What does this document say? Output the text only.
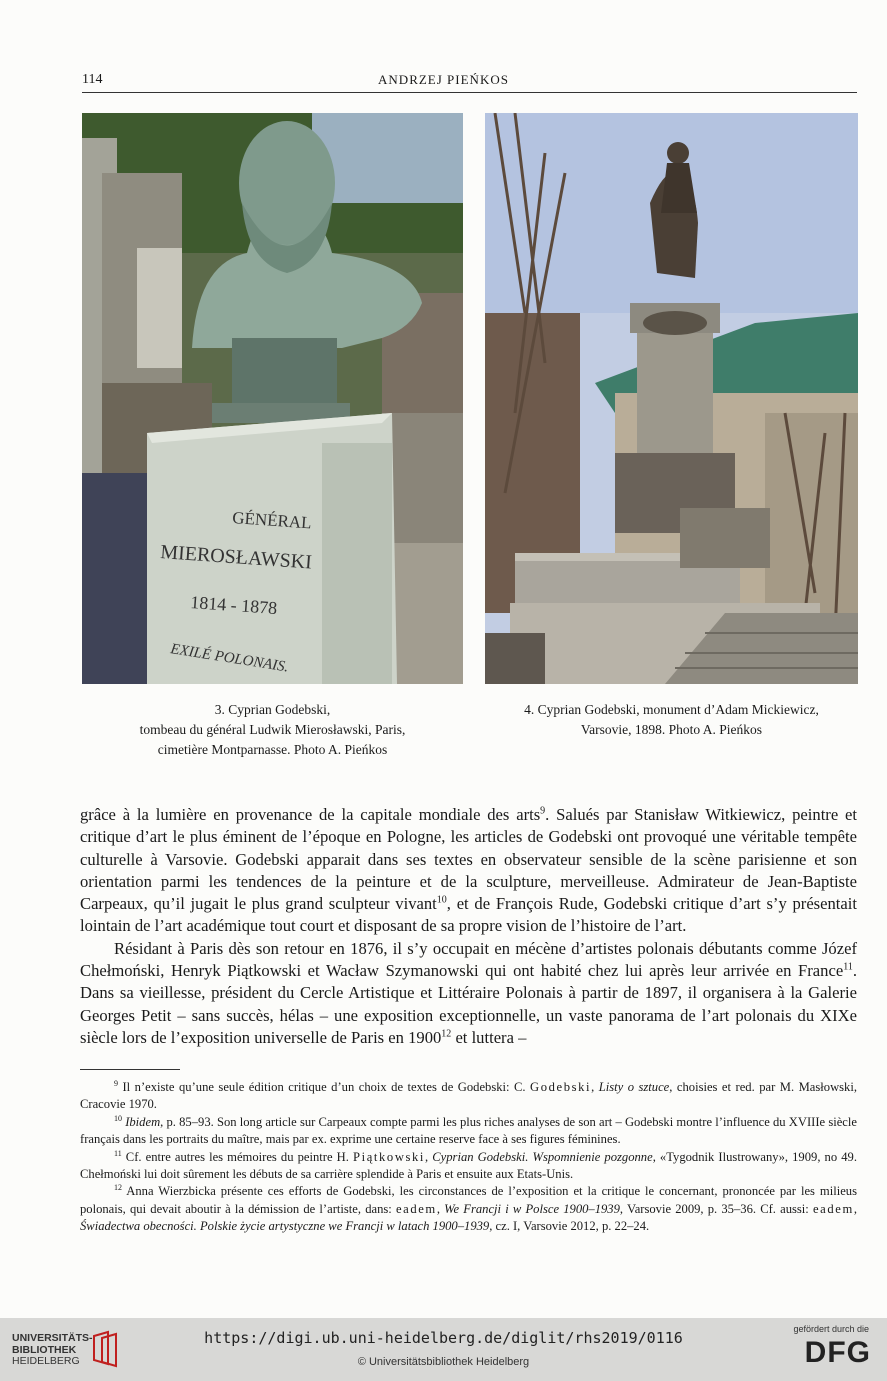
114	ANDRZEJ PIEŃKOS
GÉNÉRAL
MIEROSŁAWSKI
1814 - 1878
EXILÉ POLONAIS.
3. Cyprian Godebski,
tombeau du général Ludwik Mierosławski, Paris,
cimetière Montparnasse. Photo A. Pieńkos
4. Cyprian Godebski, monument d’Adam Mickiewicz,
Varsovie, 1898. Photo A. Pieńkos

grâce à la lumière en provenance de la capitale mondiale des arts$^9$. Salués par Stanisław Witkiewicz, peintre et critique d’art le plus éminent de l’époque en Pologne, les articles de Godebski ont provoqué une véritable tempête culturelle à Varsovie. Godebski apparait dans ses textes en observateur sensible de la scène parisienne et son orientation parmi les tendences de la peinture et de la sculpture, merveilleuse. Admirateur de Jean-Baptiste Carpeaux, qu’il jugait le plus grand sculpteur vivant$^{10}$, et de François Rude, Godebski critique d’art s’y présentait lointain de l’art académique tout court et disposant de sa propre vision de l’histoire de l’art.

Résidant à Paris dès son retour en 1876, il s’y occupait en mécène d’artistes polonais débutants comme Józef Chełmoński, Henryk Piątkowski et Wacław Szymanowski qui ont habité chez lui après leur arrivée en France$^{11}$. Dans sa vieillesse, président du Cercle Artistique et Littéraire Polonais à partir de 1897, il organisera à la Galerie Georges Petit – sans succès, hélas – une exposition exceptionnelle, un vaste panorama de l’art polonais du XIXe siècle lors de l’exposition universelle de Paris en 1900$^{12}$ et luttera –

$^9$ Il n’existe qu’une seule édition critique d’un choix de textes de Godebski: C. Godebski, Listy o sztuce, choisies et red. par M. Masłowski, Cracovie 1970.

$^{10}$ Ibidem, p. 85–93. Son long article sur Carpeaux compte parmi les plus riches analyses de son art – Godebski montre l’influence du XVIIIe siècle français dans les portraits du maître, mais par ex. exprime une certaine reserve face à ses figures féminines.

$^{11}$ Cf. entre autres les mémoires du peintre H. Piątkowski, Cyprian Godebski. Wspomnienie pozgonne, «Tygodnik Ilustrowany», 1909, no 49. Chełmoński lui doit sûrement les débuts de sa carrière splendide à Paris et ensuite aux Etats-Unis.

$^{12}$ Anna Wierzbicka présente ces efforts de Godebski, les circonstances de l’exposition et la critique le concernant, prononcée par les milieus polonais, qui devait aboutir à la démission de l’artiste, dans: eadem, We Francji i w Polsce 1900–1939, Varsovie 2009, p. 35–36. Cf. aussi: eadem, Świadectwa obecności. Polskie życie artystyczne we Francji w latach 1900–1939, cz. I, Varsovie 2012, p. 22–24.

UNIVERSITÄTS-
BIBLIOTHEK
HEIDELBERG
https://digi.ub.uni-heidelberg.de/diglit/rhs2019/0116
© Universitätsbibliothek Heidelberg
gefördert durch die
DFG
